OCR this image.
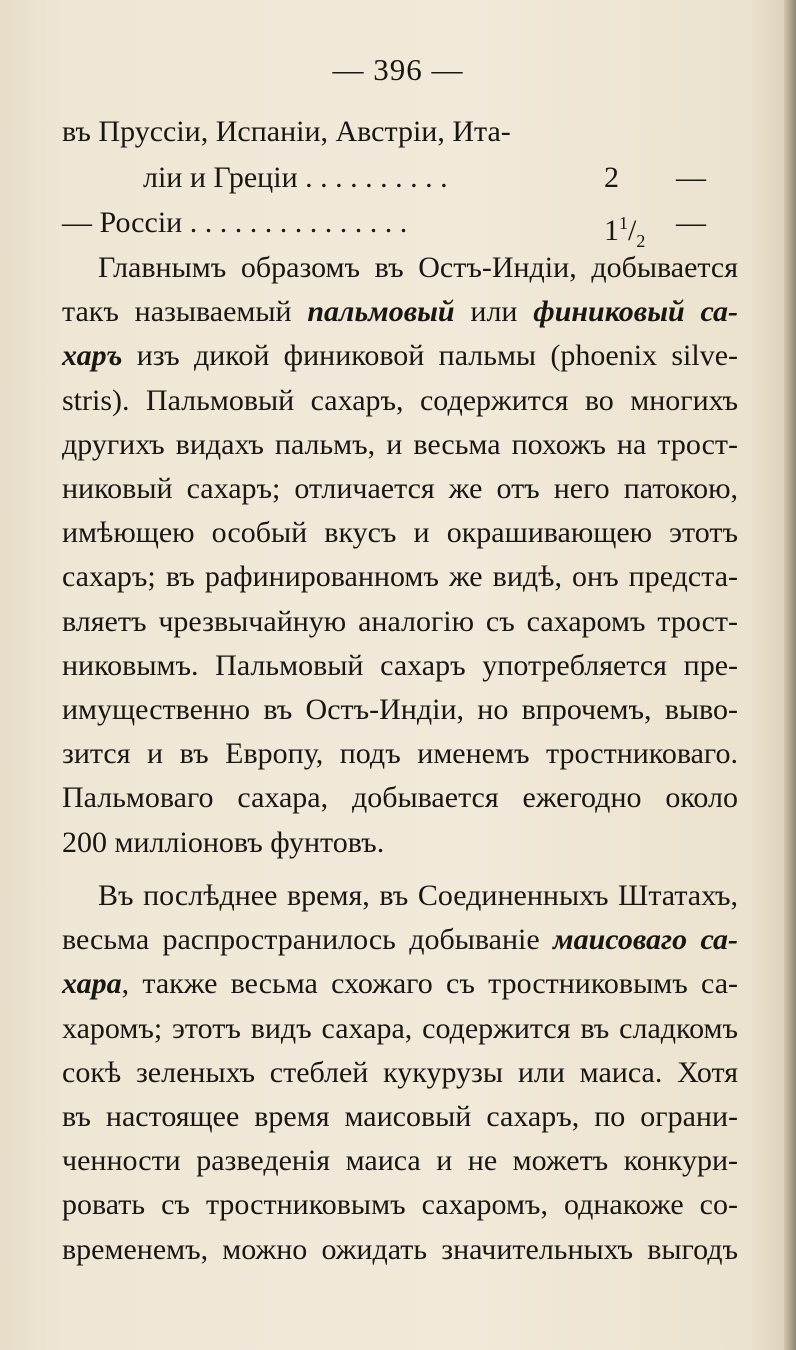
— 396 —
въ Пруссіи, Испаніи, Австріи, Ита-
ліи и Греціи . . . . . . . . . .	2 —
— Россіи . . . . . . . . . . . . . . .	$1^1/_2$
—
Главнымъ образомъ въ Остъ-Индіи, добывается
такъ называемый пальмовый или финиковый са-
харъ изъ дикой финиковой пальмы (phoenix silve-
stris). Пальмовый сахаръ, содержится во многихъ
другихъ видахъ пальмъ, и весьма похожъ на трост-
никовый сахаръ; отличается же отъ него патокою,
имѣющею особый вкусъ и окрашивающею этотъ
сахаръ; въ рафинированномъ же видѣ, онъ предста-
вляетъ чрезвычайную аналогію съ сахаромъ трост-
никовымъ. Пальмовый сахаръ употребляется пре-
имущественно въ Остъ-Индіи, но впрочемъ, выво-
зится и въ Европу, подъ именемъ тростниковаго.
Пальмоваго сахара, добывается ежегодно около
200 милліоновъ фунтовъ.
Въ послѣднее время, въ Соединенныхъ Штатахъ,
весьма распространилось добываніе маисоваго са-
хара, также весьма схожаго съ тростниковымъ са-
харомъ; этотъ видъ сахара, содержится въ сладкомъ
сокѣ зеленыхъ стеблей кукурузы или маиса. Хотя
въ настоящее время маисовый сахаръ, по ограни-
ченности разведенія маиса и не можетъ конкури-
ровать съ тростниковымъ сахаромъ, однакоже со-
временемъ, можно ожидать значительныхъ выгодъ
